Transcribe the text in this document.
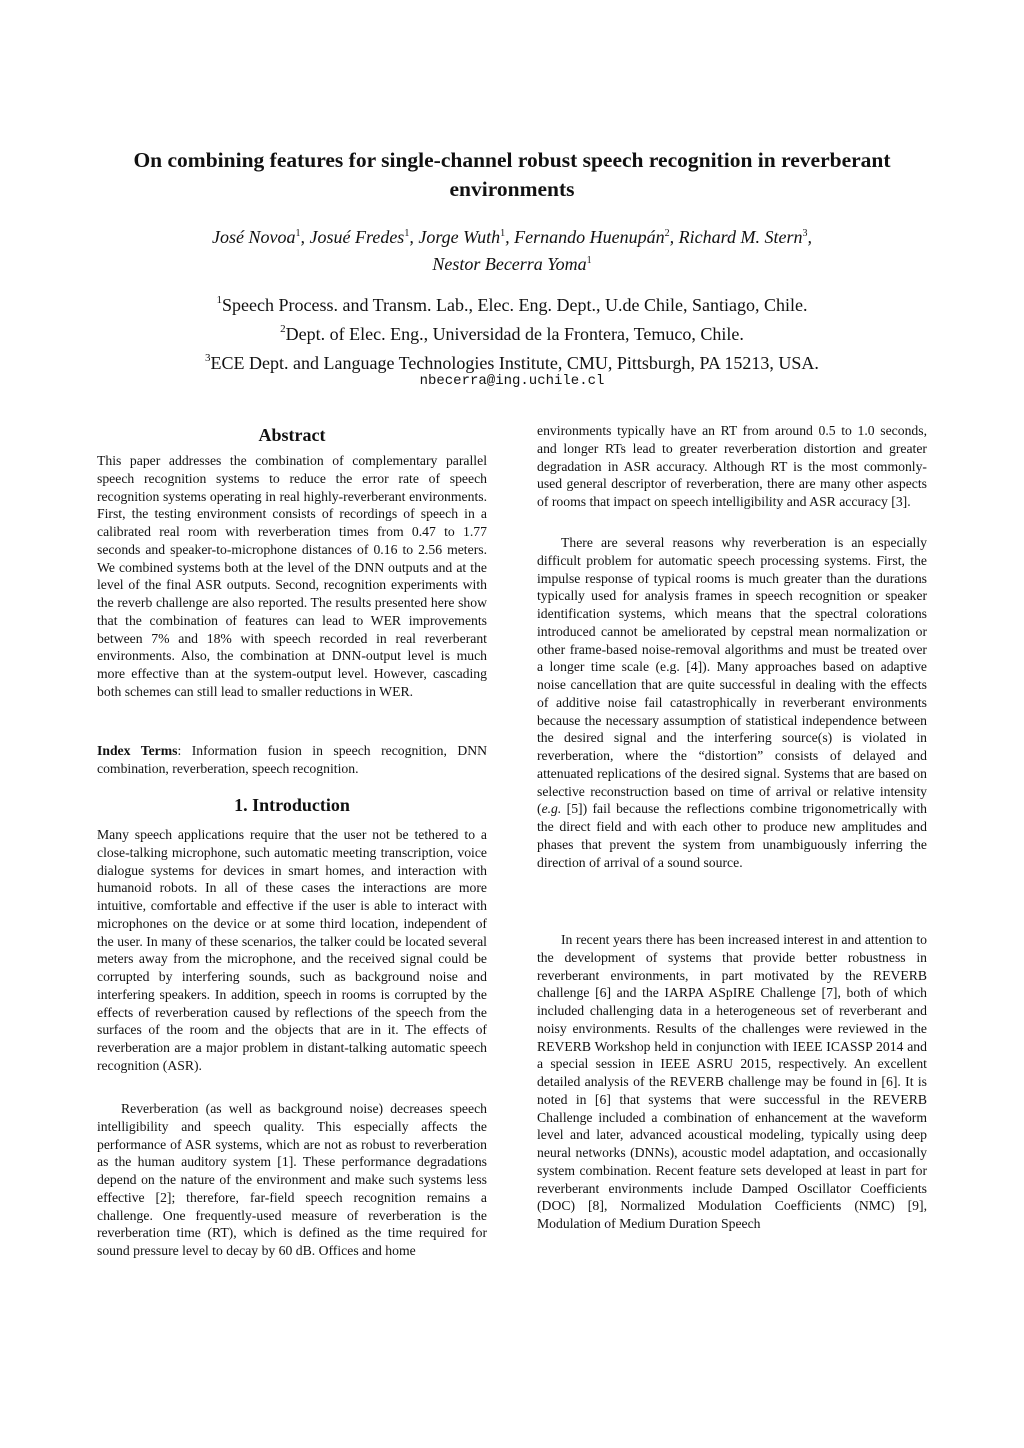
On combining features for single-channel robust speech recognition in reverberant environments
José Novoa$^1$, Josué Fredes$^1$, Jorge Wuth$^1$, Fernando Huenupán$^2$, Richard M. Stern$^3$,
Nestor Becerra Yoma$^1$

$^1$Speech Process. and Transm. Lab., Elec. Eng. Dept., U.de Chile, Santiago, Chile.

$^2$Dept. of Elec. Eng., Universidad de la Frontera, Temuco, Chile.

$^3$ECE Dept. and Language Technologies Institute, CMU, Pittsburgh, PA 15213, USA.

nbecerra@ing.uchile.cl

Abstract

This paper addresses the combination of complementary parallel speech recognition systems to reduce the error rate of speech recognition systems operating in real highly-reverberant environments. First, the testing environment consists of recordings of speech in a calibrated real room with reverberation times from 0.47 to 1.77 seconds and speaker-to-microphone distances of 0.16 to 2.56 meters. We combined systems both at the level of the DNN outputs and at the level of the final ASR outputs. Second, recognition experiments with the reverb challenge are also reported. The results presented here show that the combination of features can lead to WER improvements between 7% and 18% with speech recorded in real reverberant environments. Also, the combination at DNN-output level is much more effective than at the system-output level. However, cascading both schemes can still lead to smaller reductions in WER.

Index Terms: Information fusion in speech recognition, DNN combination, reverberation, speech recognition.

1. Introduction

Many speech applications require that the user not be tethered to a close-talking microphone, such automatic meeting transcription, voice dialogue systems for devices in smart homes, and interaction with humanoid robots. In all of these cases the interactions are more intuitive, comfortable and effective if the user is able to interact with microphones on the device or at some third location, independent of the user. In many of these scenarios, the talker could be located several meters away from the microphone, and the received signal could be corrupted by interfering sounds, such as background noise and interfering speakers. In addition, speech in rooms is corrupted by the effects of reverberation caused by reflections of the speech from the surfaces of the room and the objects that are in it. The effects of reverberation are a major problem in distant-talking automatic speech recognition (ASR).

Reverberation (as well as background noise) decreases speech intelligibility and speech quality. This especially affects the performance of ASR systems, which are not as robust to reverberation as the human auditory system [1]. These performance degradations depend on the nature of the environment and make such systems less effective [2]; therefore, far-field speech recognition remains a challenge. One frequently-used measure of reverberation is the reverberation time (RT), which is defined as the time required for sound pressure level to decay by 60 dB. Offices and home

environments typically have an RT from around 0.5 to 1.0 seconds, and longer RTs lead to greater reverberation distortion and greater degradation in ASR accuracy. Although RT is the most commonly-used general descriptor of reverberation, there are many other aspects of rooms that impact on speech intelligibility and ASR accuracy [3].

There are several reasons why reverberation is an especially difficult problem for automatic speech processing systems. First, the impulse response of typical rooms is much greater than the durations typically used for analysis frames in speech recognition or speaker identification systems, which means that the spectral colorations introduced cannot be ameliorated by cepstral mean normalization or other frame-based noise-removal algorithms and must be treated over a longer time scale (e.g. [4]). Many approaches based on adaptive noise cancellation that are quite successful in dealing with the effects of additive noise fail catastrophically in reverberant environments because the necessary assumption of statistical independence between the desired signal and the interfering source(s) is violated in reverberation, where the “distortion” consists of delayed and attenuated replications of the desired signal. Systems that are based on selective reconstruction based on time of arrival or relative intensity (e.g. [5]) fail because the reflections combine trigonometrically with the direct field and with each other to produce new amplitudes and phases that prevent the system from unambiguously inferring the direction of arrival of a sound source.

In recent years there has been increased interest in and attention to the development of systems that provide better robustness in reverberant environments, in part motivated by the REVERB challenge [6] and the IARPA ASpIRE Challenge [7], both of which included challenging data in a heterogeneous set of reverberant and noisy environments. Results of the challenges were reviewed in the REVERB Workshop held in conjunction with IEEE ICASSP 2014 and a special session in IEEE ASRU 2015, respectively. An excellent detailed analysis of the REVERB challenge may be found in [6]. It is noted in [6] that systems that were successful in the REVERB Challenge included a combination of enhancement at the waveform level and later, advanced acoustical modeling, typically using deep neural networks (DNNs), acoustic model adaptation, and occasionally system combination. Recent feature sets developed at least in part for reverberant environments include Damped Oscillator Coefficients (DOC) [8], Normalized Modulation Coefficients (NMC) [9], Modulation of Medium Duration Speech
